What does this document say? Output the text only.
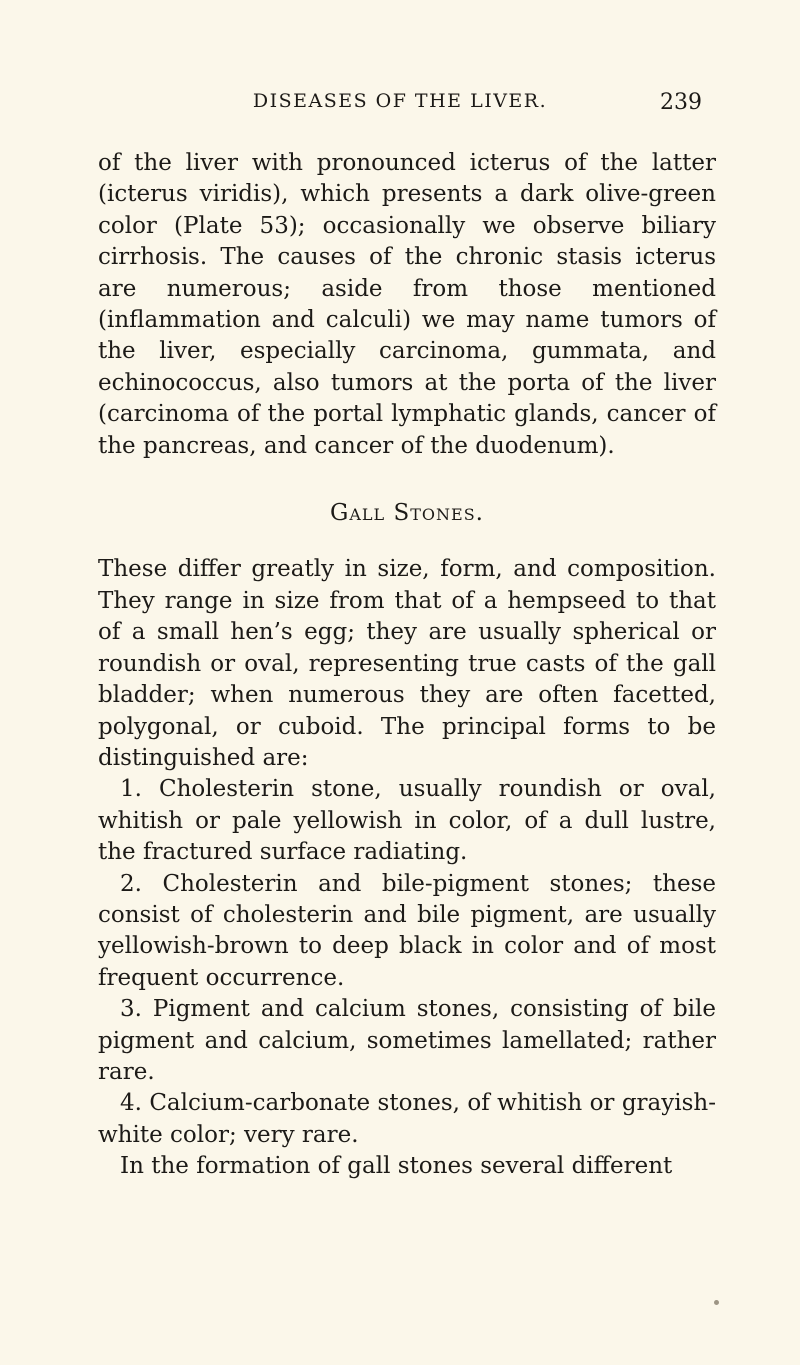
DISEASES OF THE LIVER.	239

of the liver with pronounced icterus of the latter (icterus viridis), which presents a dark olive-green color (Plate 53); occasionally we observe biliary cirrhosis. The causes of the chronic stasis icterus are numerous; aside from those mentioned (inflammation and calculi) we may name tumors of the liver, especially carcinoma, gummata, and echinococcus, also tumors at the porta of the liver (carcinoma of the portal lymphatic glands, cancer of the pancreas, and cancer of the duodenum).

Gall Stones.

These differ greatly in size, form, and composition. They range in size from that of a hempseed to that of a small hen’s egg; they are usually spherical or roundish or oval, representing true casts of the gall bladder; when numerous they are often facetted, polygonal, or cuboid. The principal forms to be distinguished are:

1. Cholesterin stone, usually roundish or oval, whitish or pale yellowish in color, of a dull lustre, the fractured surface radiating.

2. Cholesterin and bile-pigment stones; these consist of cholesterin and bile pigment, are usually yellowish-brown to deep black in color and of most frequent occurrence.

3. Pigment and calcium stones, consisting of bile pigment and calcium, sometimes lamellated; rather rare.

4. Calcium-carbonate stones, of whitish or grayish-white color; very rare.

In the formation of gall stones several different
